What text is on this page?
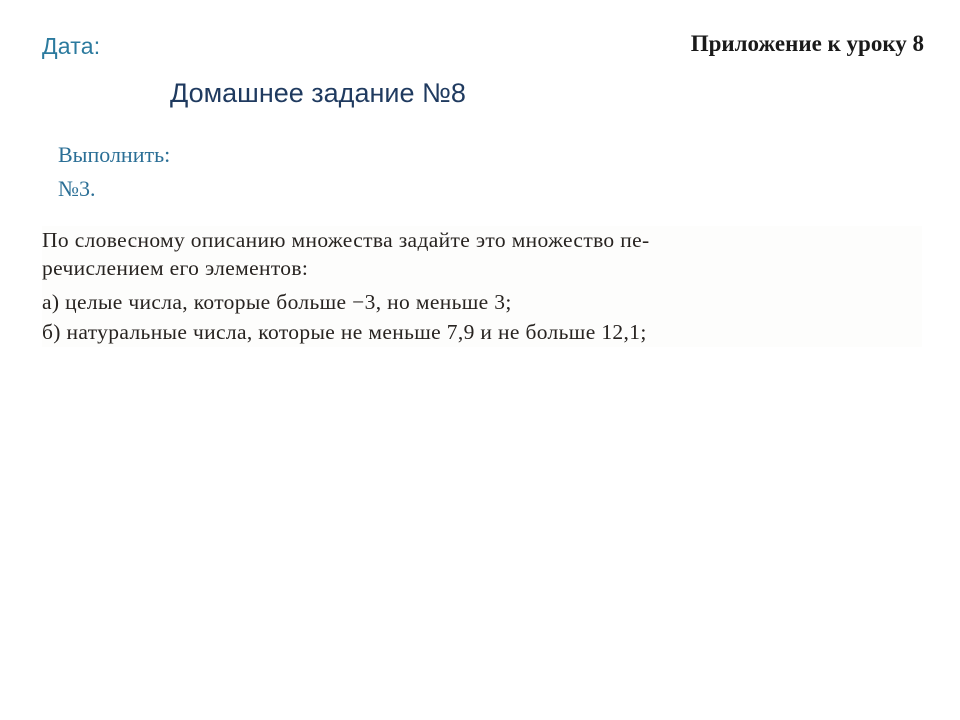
Дата:	Приложение к уроку 8
Домашнее задание №8
Выполнить:
№3.
По словесному описанию множества задайте это множество пе-
речислением его элементов:
а) целые числа, которые больше −3, но меньше 3;
б) натуральные числа, которые не меньше 7,9 и не больше 12,1;
